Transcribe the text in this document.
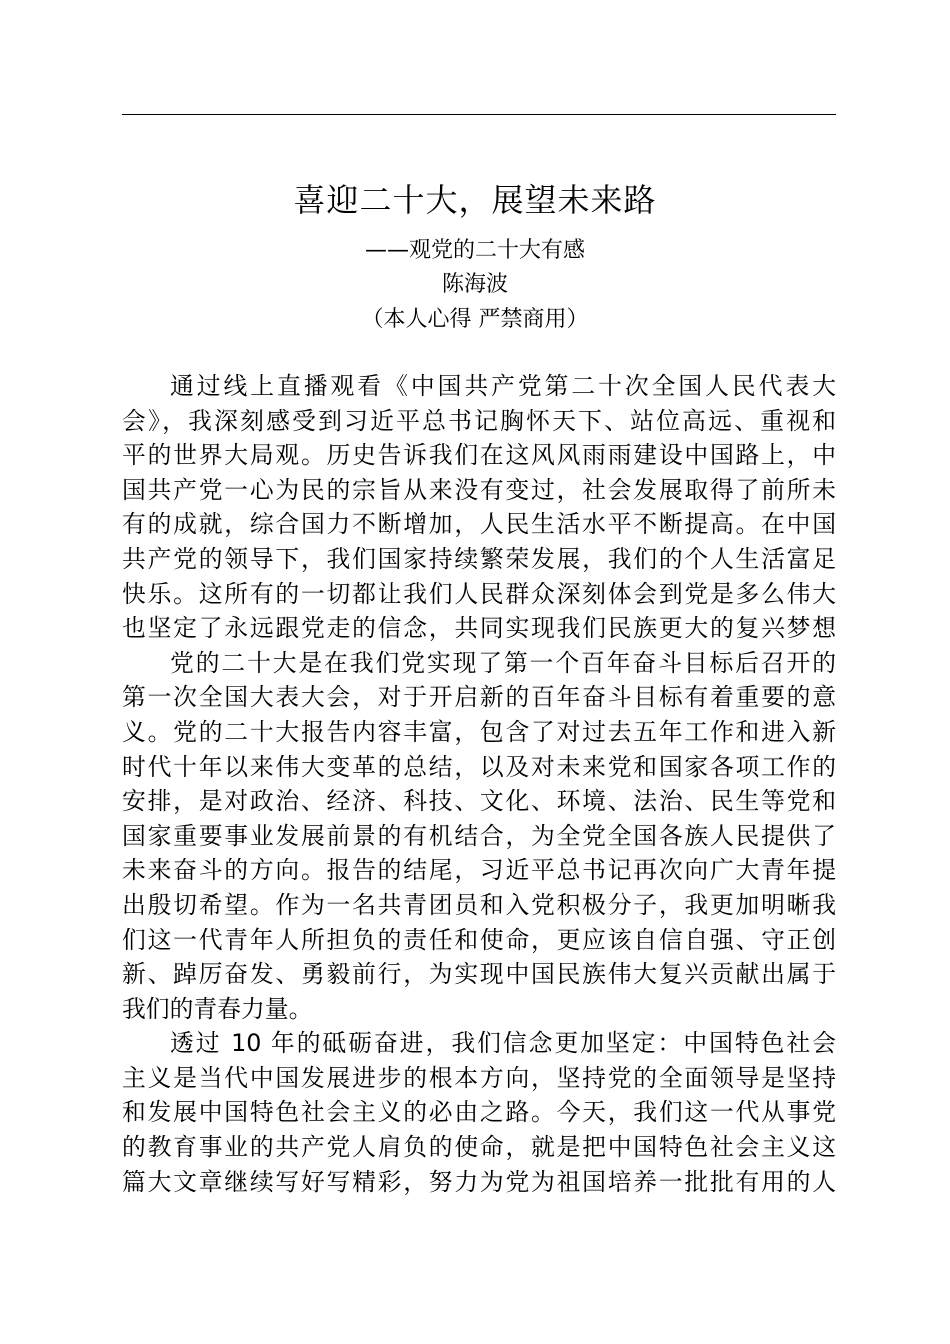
喜迎二十大，展望未来路
——观党的二十大有感
陈海波
（本人心得 严禁商用）
通过线上直播观看《中国共产党第二十次全国人民代表大
会》，我深刻感受到习近平总书记胸怀天下、站位高远、重视和
平的世界大局观。历史告诉我们在这风风雨雨建设中国路上，中
国共产党一心为民的宗旨从来没有变过，社会发展取得了前所未
有的成就，综合国力不断增加，人民生活水平不断提高。在中国
共产党的领导下，我们国家持续繁荣发展，我们的个人生活富足
快乐。这所有的一切都让我们人民群众深刻体会到党是多么伟大
也坚定了永远跟党走的信念，共同实现我们民族更大的复兴梦想
党的二十大是在我们党实现了第一个百年奋斗目标后召开的
第一次全国大表大会，对于开启新的百年奋斗目标有着重要的意
义。党的二十大报告内容丰富，包含了对过去五年工作和进入新
时代十年以来伟大变革的总结，以及对未来党和国家各项工作的
安排，是对政治、经济、科技、文化、环境、法治、民生等党和
国家重要事业发展前景的有机结合，为全党全国各族人民提供了
未来奋斗的方向。报告的结尾，习近平总书记再次向广大青年提
出殷切希望。作为一名共青团员和入党积极分子，我更加明晰我
们这一代青年人所担负的责任和使命，更应该自信自强、守正创
新、踔厉奋发、勇毅前行，为实现中国民族伟大复兴贡献出属于
我们的青春力量。
透过 10 年的砥砺奋进，我们信念更加坚定：中国特色社会
主义是当代中国发展进步的根本方向，坚持党的全面领导是坚持
和发展中国特色社会主义的必由之路。今天，我们这一代从事党
的教育事业的共产党人肩负的使命，就是把中国特色社会主义这
篇大文章继续写好写精彩，努力为党为祖国培养一批批有用的人
